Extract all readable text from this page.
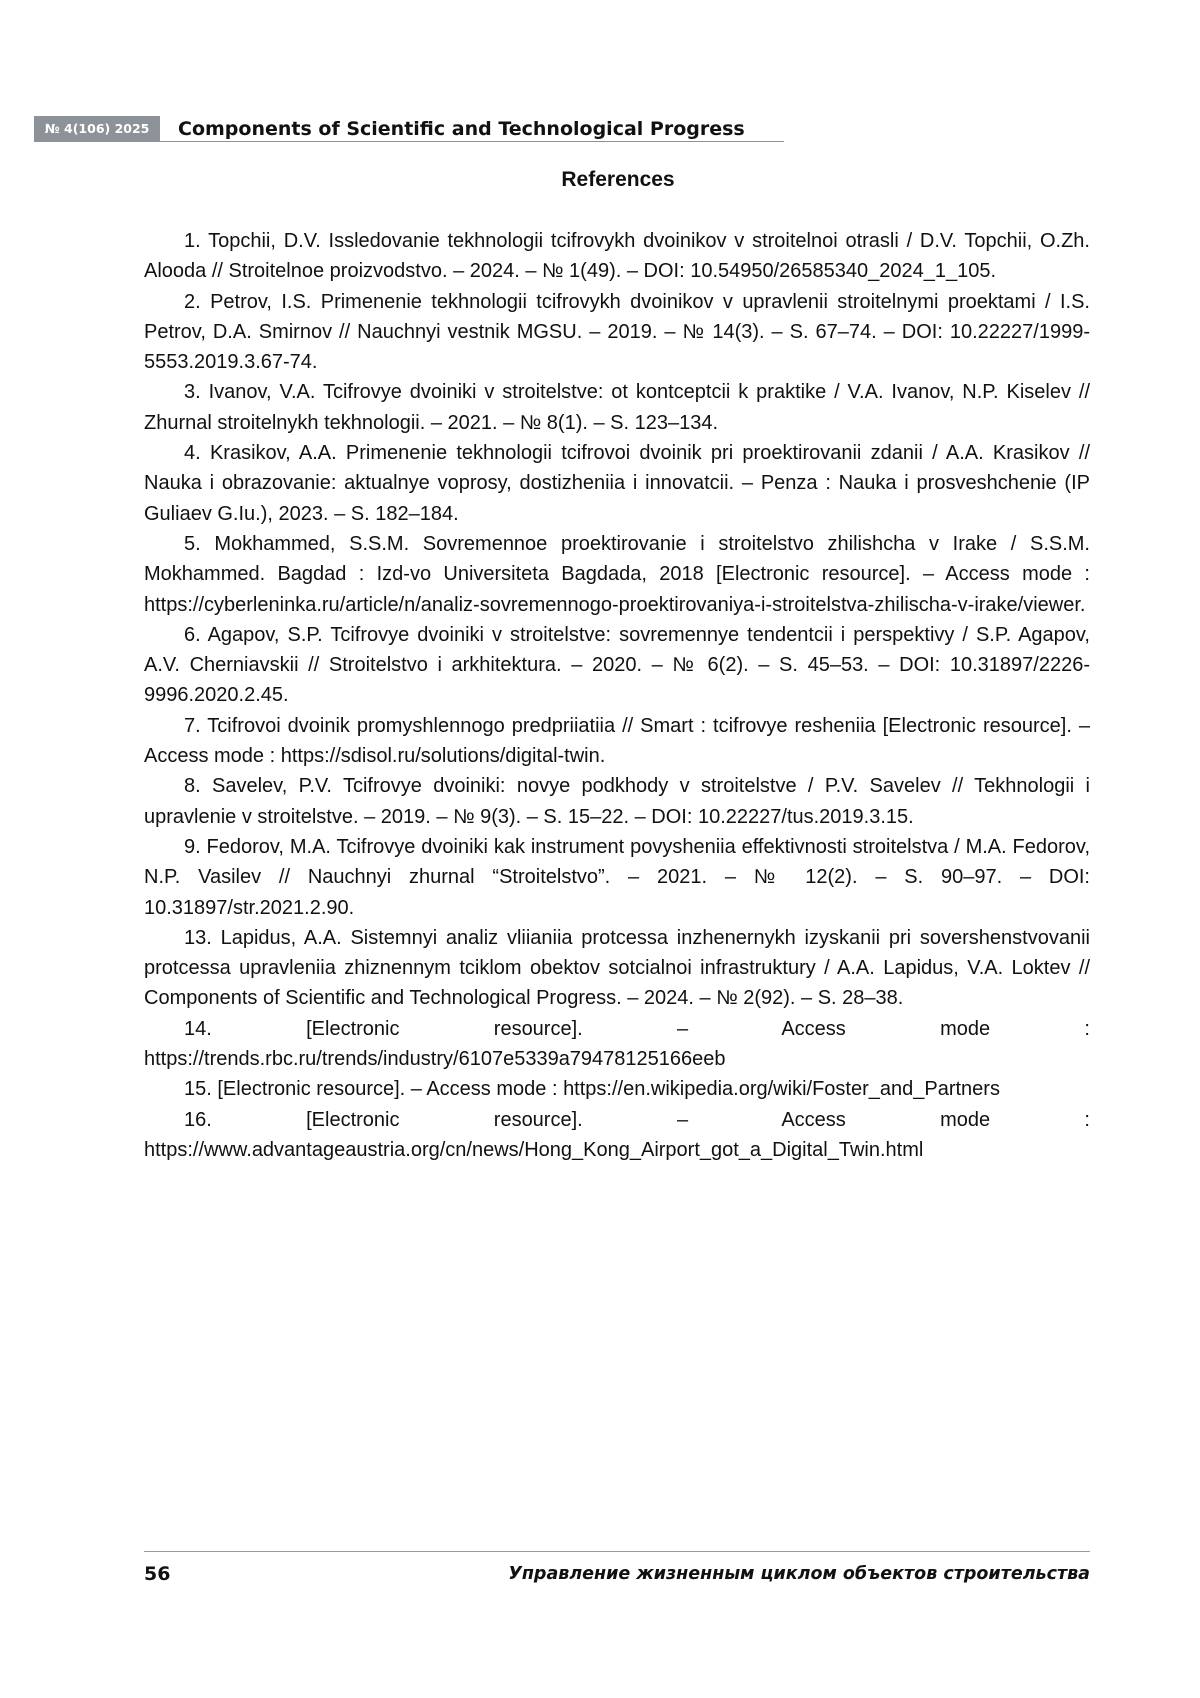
№ 4(106) 2025	Components of Scientific and Technological Progress
References

1. Topchii, D.V. Issledovanie tekhnologii tcifrovykh dvoinikov v stroitelnoi otrasli / D.V. Topchii, O.Zh. Alooda // Stroitelnoe proizvodstvo. – 2024. – № 1(49). – DOI: 10.54950/26585340_2024_1_105.

2. Petrov, I.S. Primenenie tekhnologii tcifrovykh dvoinikov v upravlenii stroitelnymi proektami / I.S. Petrov, D.A. Smirnov // Nauchnyi vestnik MGSU. – 2019. – № 14(3). – S. 67–74. – DOI: 10.22227/1999-5553.2019.3.67-74.

3. Ivanov, V.A. Tcifrovye dvoiniki v stroitelstve: ot kontceptcii k praktike / V.A. Ivanov, N.P. Kiselev // Zhurnal stroitelnykh tekhnologii. – 2021. – № 8(1). – S. 123–134.

4. Krasikov, A.A. Primenenie tekhnologii tcifrovoi dvoinik pri proektirovanii zdanii / A.A. Krasikov // Nauka i obrazovanie: aktualnye voprosy, dostizheniia i innovatcii. – Penza : Nauka i prosveshchenie (IP Guliaev G.Iu.), 2023. – S. 182–184.

5. Mokhammed, S.S.M. Sovremennoe proektirovanie i stroitelstvo zhilishcha v Irake / S.S.M. Mokhammed. Bagdad : Izd-vo Universiteta Bagdada, 2018 [Electronic resource]. – Access mode : https://cyberleninka.ru/article/n/analiz-sovremennogo-proektirovaniya-i-stroitelstva-zhilischa-v-irake/viewer.

6. Agapov, S.P. Tcifrovye dvoiniki v stroitelstve: sovremennye tendentcii i perspektivy / S.P. Agapov, A.V. Cherniavskii // Stroitelstvo i arkhitektura. – 2020. – № 6(2). – S. 45–53. – DOI: 10.31897/2226-9996.2020.2.45.

7. Tcifrovoi dvoinik promyshlennogo predpriiatiia // Smart : tcifrovye resheniia [Electronic resource]. – Access mode : https://sdisol.ru/solutions/digital-twin.

8. Savelev, P.V. Tcifrovye dvoiniki: novye podkhody v stroitelstve / P.V. Savelev // Tekhnologii i upravlenie v stroitelstve. – 2019. – № 9(3). – S. 15–22. – DOI: 10.22227/tus.2019.3.15.

9. Fedorov, M.A. Tcifrovye dvoiniki kak instrument povysheniia effektivnosti stroitelstva / M.A. Fedorov, N.P. Vasilev // Nauchnyi zhurnal “Stroitelstvo”. – 2021. – № 12(2). – S. 90–97. – DOI: 10.31897/str.2021.2.90.

13. Lapidus, A.A. Sistemnyi analiz vliianiia protcessa inzhenernykh izyskanii pri sovershenstvovanii protcessa upravleniia zhiznennym tciklom obektov sotcialnoi infrastruktury / A.A. Lapidus, V.A. Loktev // Components of Scientific and Technological Progress. – 2024. – № 2(92). – S. 28–38.

14. [Electronic resource]. – Access mode : https://trends.rbc.ru/trends/industry/6107e5339a79478125166eeb

15. [Electronic resource]. – Access mode : https://en.wikipedia.org/wiki/Foster_and_Partners

16. [Electronic resource]. – Access mode : https://www.advantageaustria.org/cn/news/Hong_Kong_Airport_got_a_Digital_Twin.html

56	Управление жизненным циклом объектов строительства
